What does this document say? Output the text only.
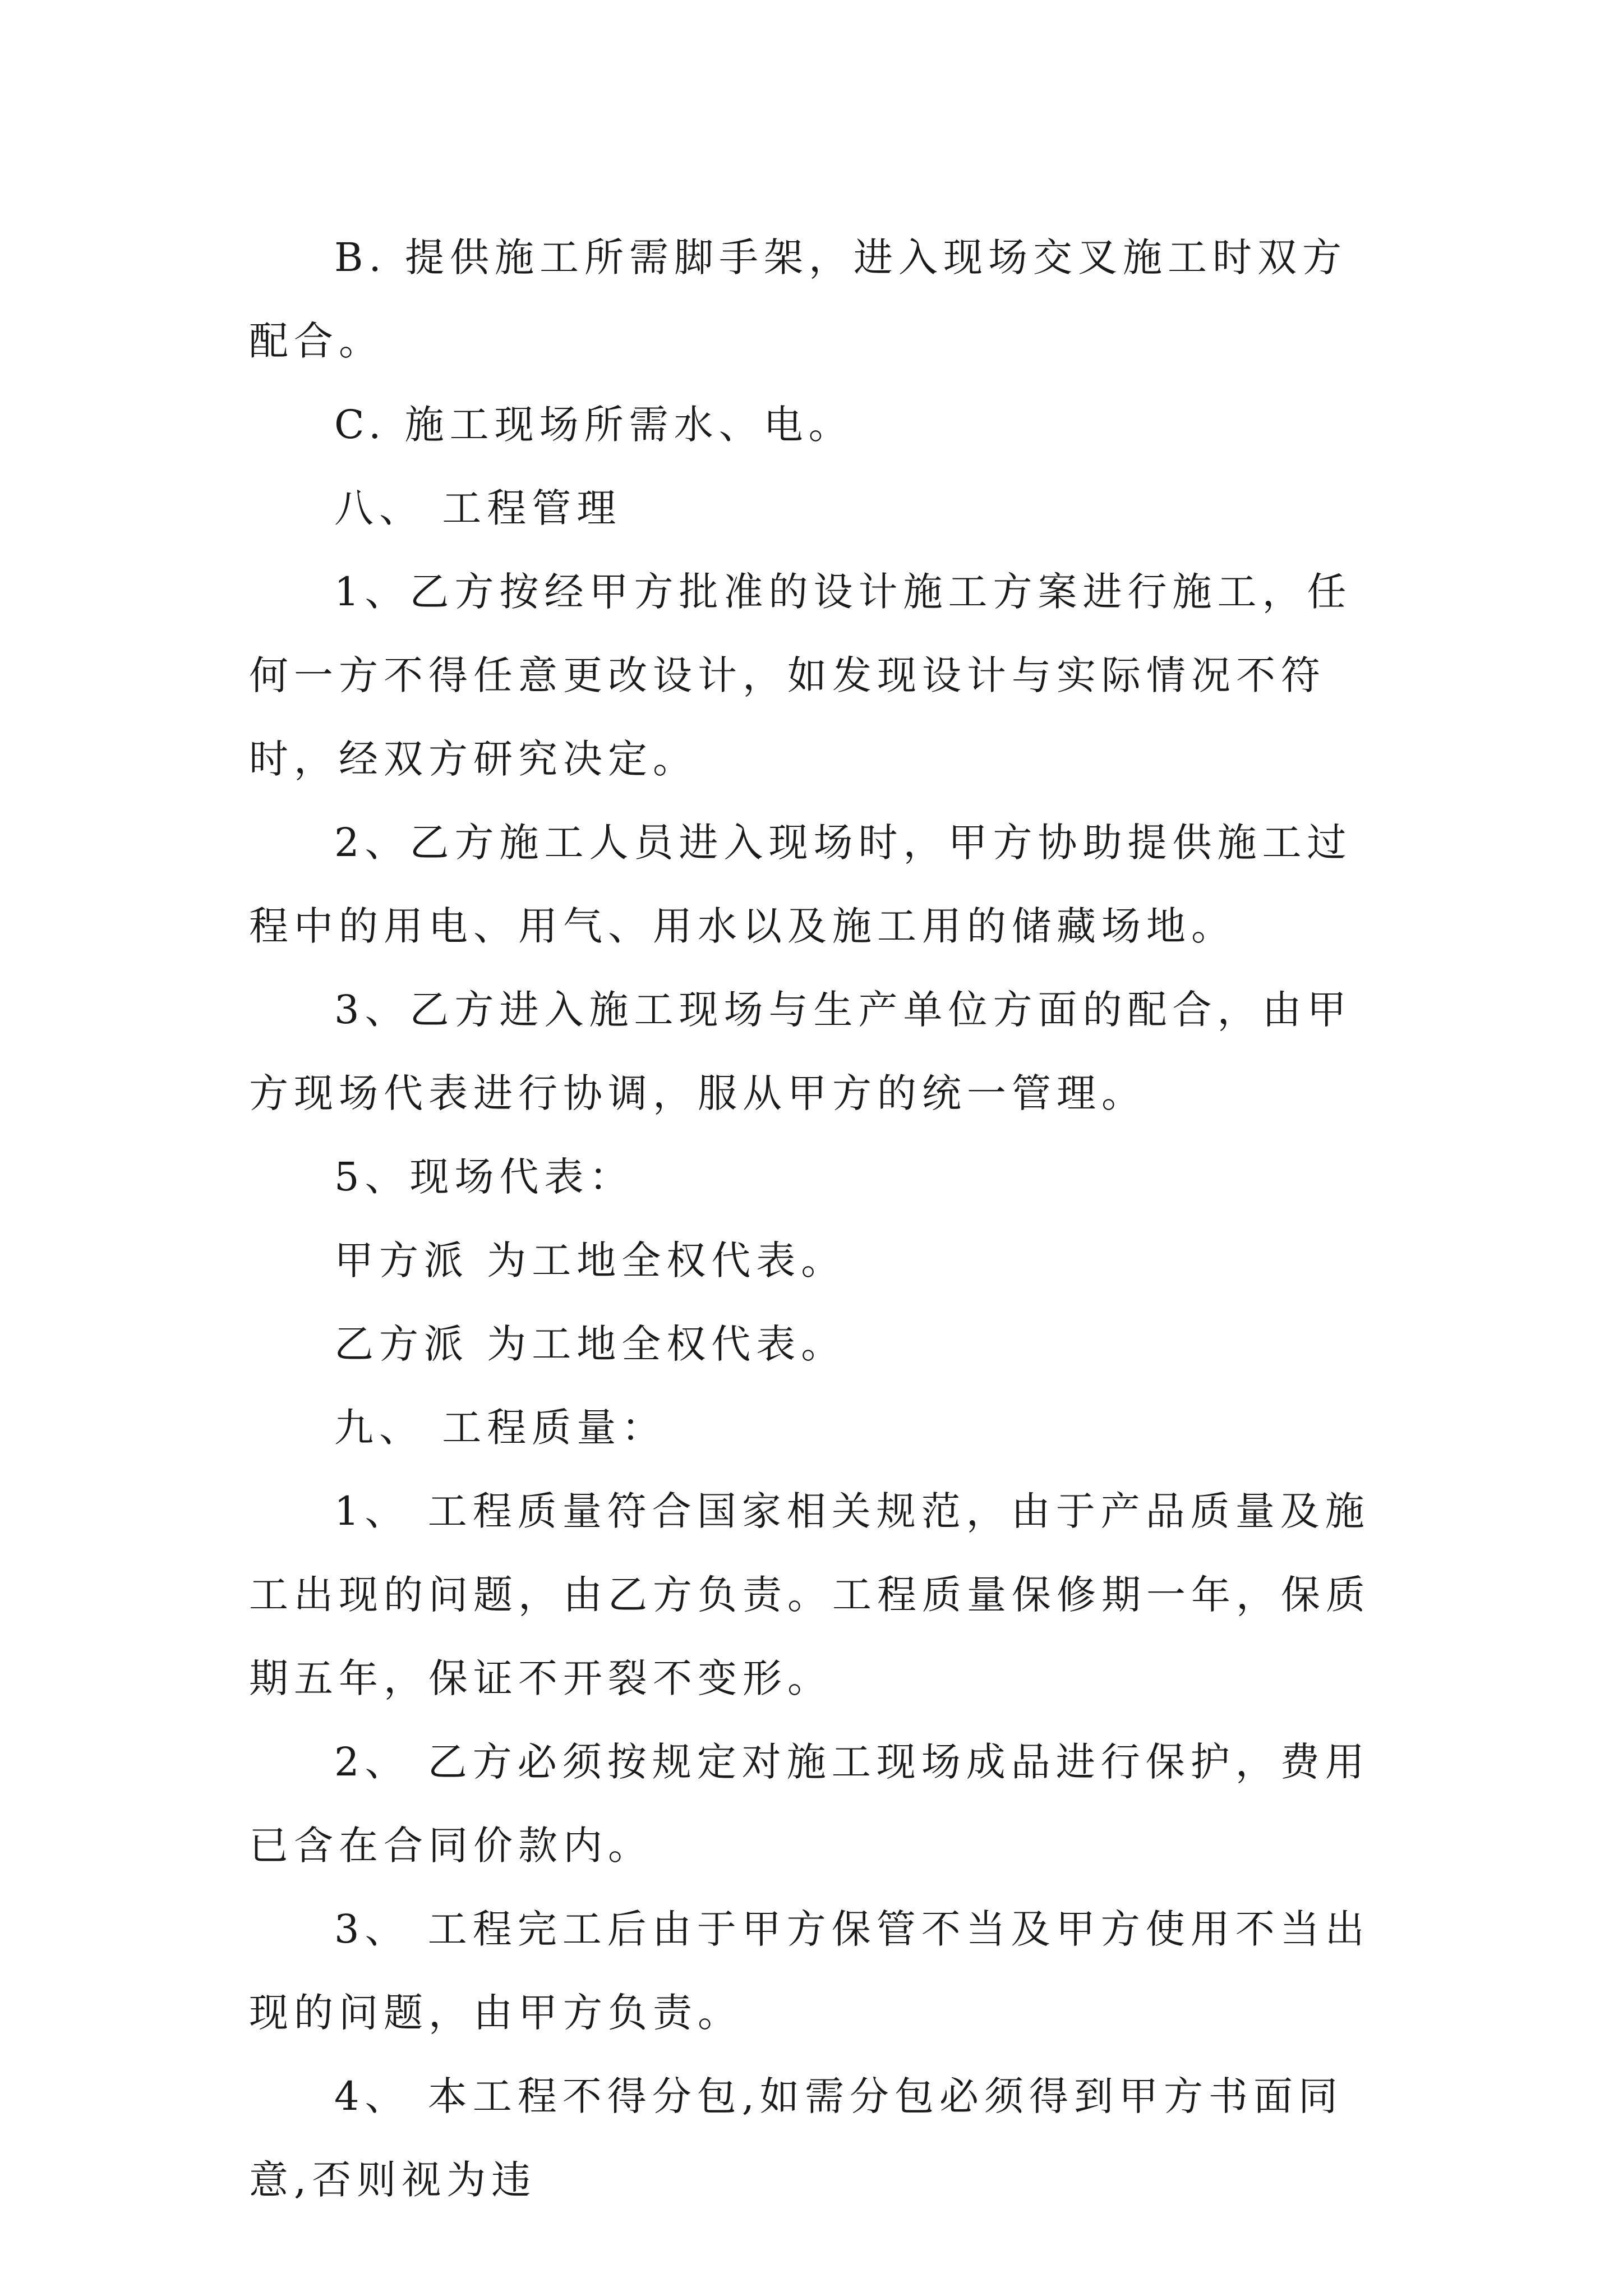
B. 提供施工所需脚手架，进入现场交叉施工时双方配合。

C. 施工现场所需水、电。

八、 工程管理

1、乙方按经甲方批准的设计施工方案进行施工，任何一方不得任意更改设计，如发现设计与实际情况不符时，经双方研究决定。

2、乙方施工人员进入现场时，甲方协助提供施工过程中的用电、用气、用水以及施工用的储藏场地。

3、乙方进入施工现场与生产单位方面的配合，由甲方现场代表进行协调，服从甲方的统一管理。

5、现场代表：

甲方派 为工地全权代表。

乙方派 为工地全权代表。

九、 工程质量：

1、 工程质量符合国家相关规范，由于产品质量及施工出现的问题，由乙方负责。工程质量保修期一年，保质期五年，保证不开裂不变形。

2、 乙方必须按规定对施工现场成品进行保护，费用已含在合同价款内。

3、 工程完工后由于甲方保管不当及甲方使用不当出现的问题，由甲方负责。

4、 本工程不得分包,如需分包必须得到甲方书面同意,否则视为违
